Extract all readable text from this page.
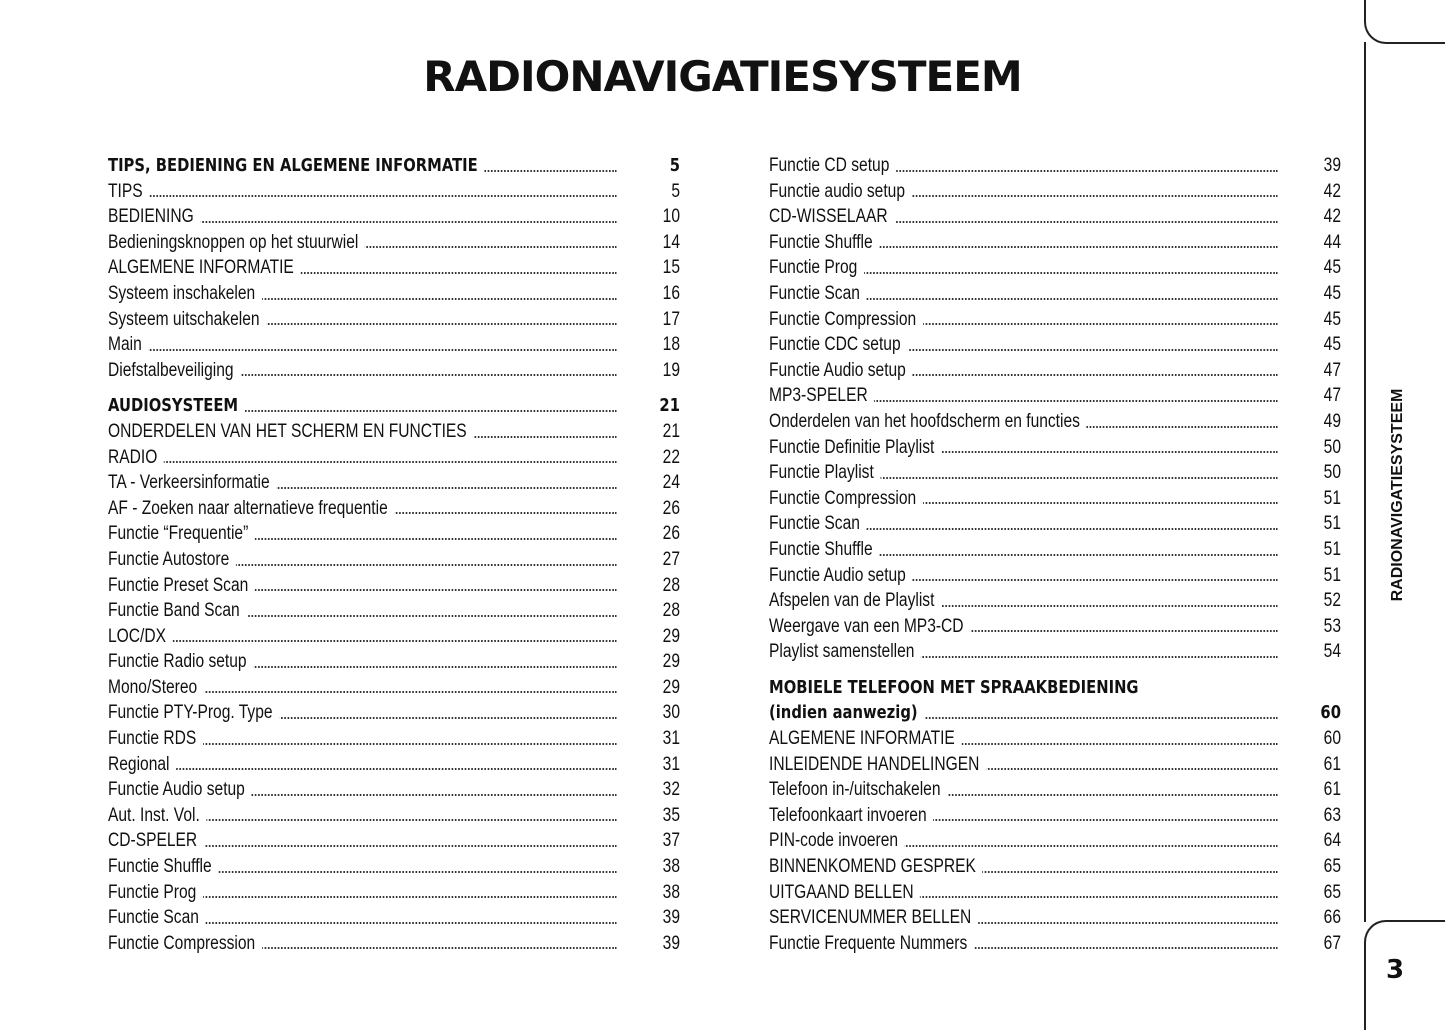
RADIONAVIGATIESYSTEEM
RADIONAVIGATIESYSTEEM
3
TIPS, BEDIENING EN ALGEMENE INFORMATIE	5
TIPS	5
BEDIENING	10
Bedieningsknoppen op het stuurwiel	14
ALGEMENE INFORMATIE	15
Systeem inschakelen	16
Systeem uitschakelen	17
Main	18
Diefstalbeveiliging	19
AUDIOSYSTEEM	21
ONDERDELEN VAN HET SCHERM EN FUNCTIES	21
RADIO	22
TA - Verkeersinformatie	24
AF - Zoeken naar alternatieve frequentie	26
Functie “Frequentie”	26
Functie Autostore	27
Functie Preset Scan	28
Functie Band Scan	28
LOC/DX	29
Functie Radio setup	29
Mono/Stereo	29
Functie PTY-Prog. Type	30
Functie RDS	31
Regional	31
Functie Audio setup	32
Aut. Inst. Vol.	35
CD-SPELER	37
Functie Shuffle	38
Functie Prog	38
Functie Scan	39
Functie Compression	39
Functie CD setup	39
Functie audio setup	42
CD-WISSELAAR	42
Functie Shuffle	44
Functie Prog	45
Functie Scan	45
Functie Compression	45
Functie CDC setup	45
Functie Audio setup	47
MP3-SPELER	47
Onderdelen van het hoofdscherm en functies	49
Functie Definitie Playlist	50
Functie Playlist	50
Functie Compression	51
Functie Scan	51
Functie Shuffle	51
Functie Audio setup	51
Afspelen van de Playlist	52
Weergave van een MP3-CD	53
Playlist samenstellen	54
MOBIELE TELEFOON MET SPRAAKBEDIENING
(indien aanwezig)	60
ALGEMENE INFORMATIE	60
INLEIDENDE HANDELINGEN	61
Telefoon in-/uitschakelen	61
Telefoonkaart invoeren	63
PIN-code invoeren	64
BINNENKOMEND GESPREK	65
UITGAAND BELLEN	65
SERVICENUMMER BELLEN	66
Functie Frequente Nummers	67
